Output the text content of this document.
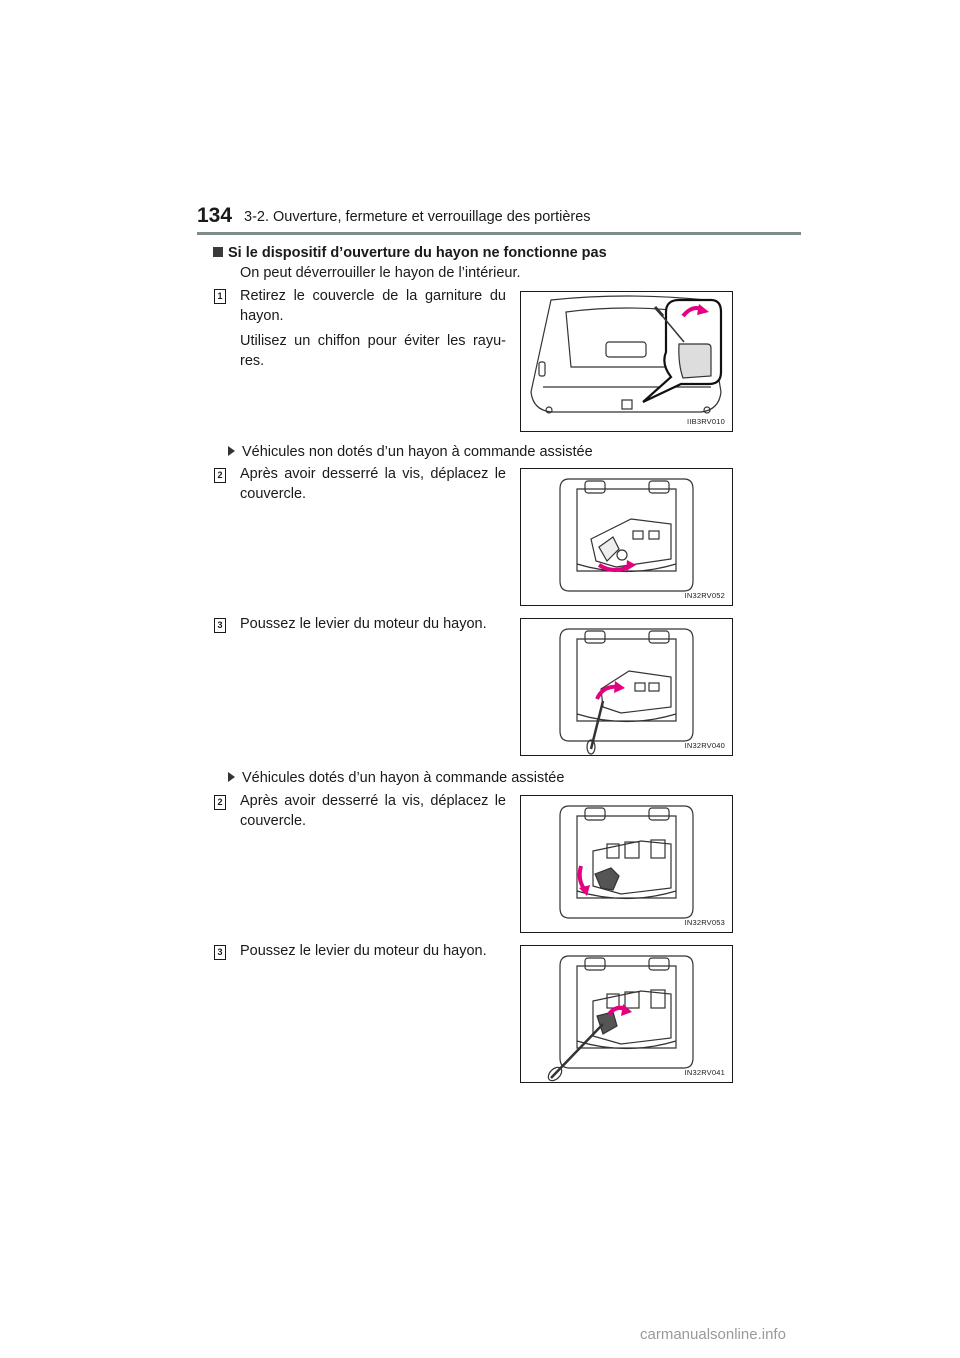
134 3-2. Ouverture, fermeture et verrouillage des portières
Si le dispositif d’ouverture du hayon ne fonctionne pas
On peut déverrouiller le hayon de l’intérieur.
1 Retirez le couvercle de la garniture du hayon.

Utilisez un chiffon pour éviter les rayu-res.

IIB3RV010
Véhicules non dotés d’un hayon à commande assistée
2 Après avoir desserré la vis, déplacez le couvercle.
IN32RV052
3 Poussez le levier du moteur du hayon.
IN32RV040
Véhicules dotés d’un hayon à commande assistée
2 Après avoir desserré la vis, déplacez le couvercle.
IN32RV053
3 Poussez le levier du moteur du hayon.
IN32RV041
carmanualsonline.info
